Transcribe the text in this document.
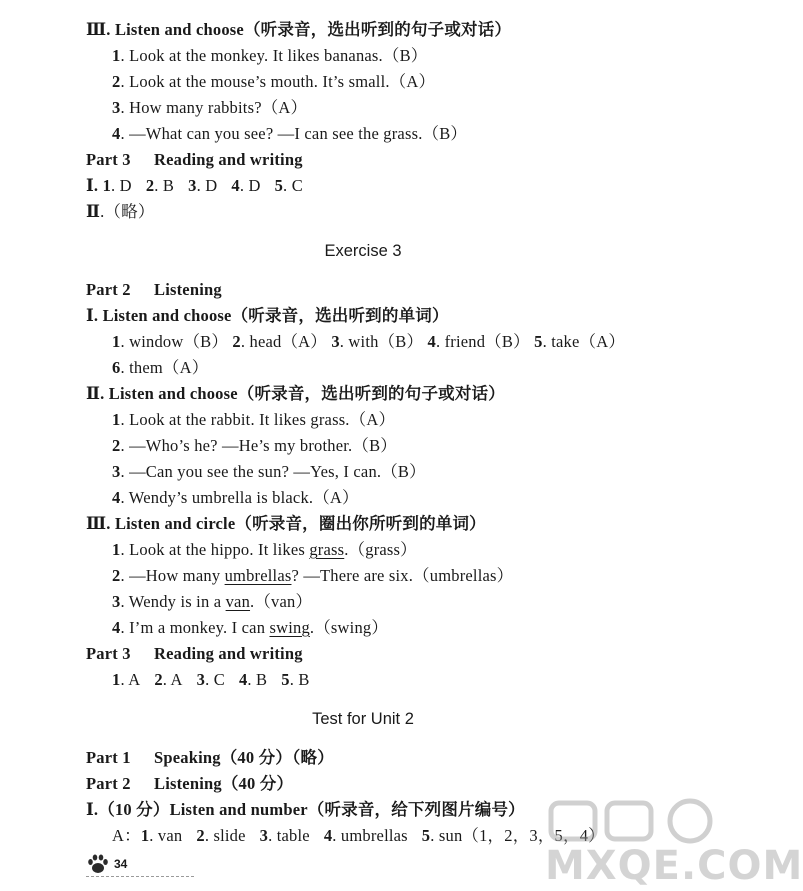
Ⅲ. Listen and choose（听录音，选出听到的句子或对话）
1. Look at the monkey. It likes bananas.（B）
2. Look at the mouse’s mouth. It’s small.（A）
3. How many rabbits?（A）
4. —What can you see? —I can see the grass.（B）
Part 3 Reading and writing
Ⅰ. 1. D 2. B 3. D 4. D 5. C
Ⅱ.（略）
Exercise 3
Part 2 Listening
Ⅰ. Listen and choose（听录音，选出听到的单词）
1. window（B） 2. head（A） 3. with（B） 4. friend（B） 5. take（A）
6. them（A）
Ⅱ. Listen and choose（听录音，选出听到的句子或对话）
1. Look at the rabbit. It likes grass.（A）
2. —Who’s he? —He’s my brother.（B）
3. —Can you see the sun? —Yes, I can.（B）
4. Wendy’s umbrella is black.（A）
Ⅲ. Listen and circle（听录音，圈出你所听到的单词）
1. Look at the hippo. It likes grass.（grass）
2. —How many umbrellas? —There are six.（umbrellas）
3. Wendy is in a van.（van）
4. I’m a monkey. I can swing.（swing）
Part 3 Reading and writing
1. A 2. A 3. C 4. B 5. B
Test for Unit 2
Part 1 Speaking（40 分）（略）
Part 2 Listening（40 分）
Ⅰ.（10 分）Listen and number（听录音，给下列图片编号）
A：1. van 2. slide 3. table 4. umbrellas 5. sun（1，2，3，5，4）
34	MXQE.COM
